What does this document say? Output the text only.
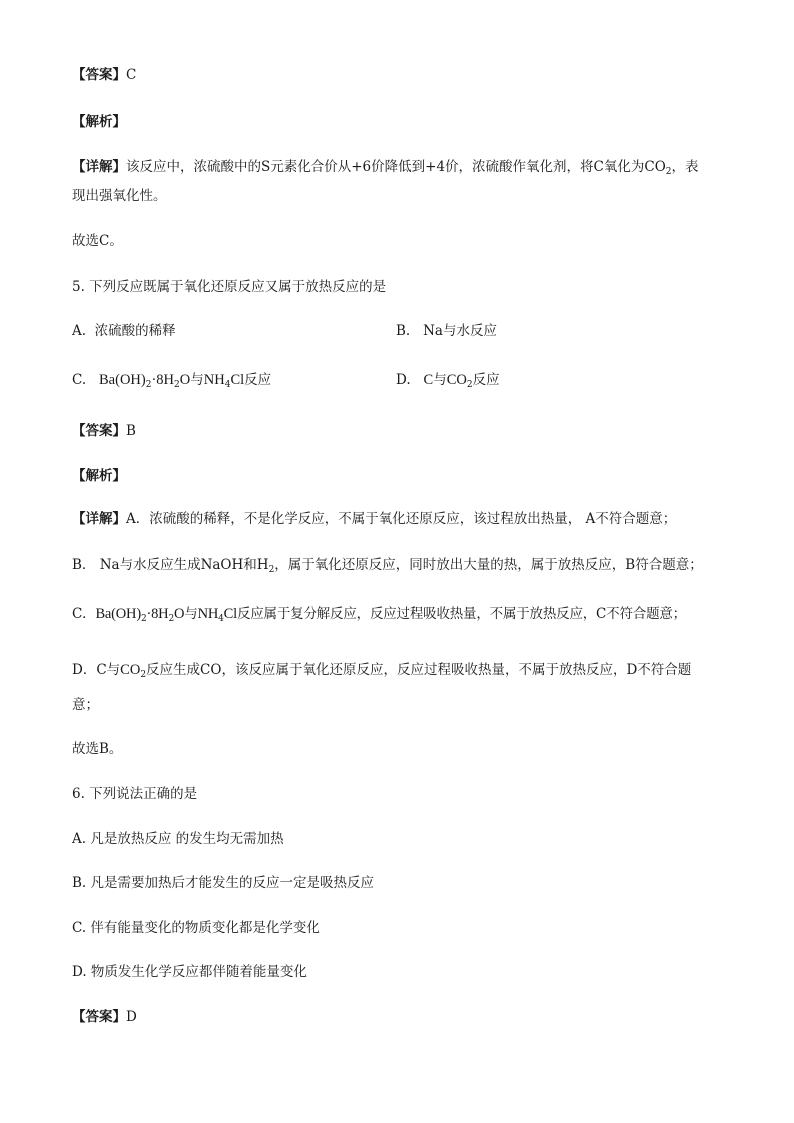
【答案】C
【解析】
【详解】该反应中，浓硫酸中的S元素化合价从+6价降低到+4价，浓硫酸作氧化剂，将C氧化为$CO_2$，表
现出强氧化性。
故选C。
5. 下列反应既属于氧化还原反应又属于放热反应的是
A. 浓硫酸的稀释	B. Na与水反应
C. $Ba(OH)_2\cdot 8H_2O$与$NH_4Cl$反应	D. C与$CO_2$反应
【答案】B
【解析】
【详解】A．浓硫酸的稀释，不是化学反应，不属于氧化还原反应，该过程放出热量， A不符合题意；
B． Na与水反应生成NaOH和$H_2$，属于氧化还原反应，同时放出大量的热，属于放热反应，B符合题意；
C．$Ba(OH)_2\cdot 8H_2O$与$NH_4Cl$反应属于复分解反应，反应过程吸收热量，不属于放热反应，C不符合题意；
D．C与$CO_2$反应生成CO，该反应属于氧化还原反应，反应过程吸收热量，不属于放热反应，D不符合题
意；
故选B。
6. 下列说法正确的是
A. 凡是放热反应 的发生均无需加热
B. 凡是需要加热后才能发生的反应一定是吸热反应
C. 伴有能量变化的物质变化都是化学变化
D. 物质发生化学反应都伴随着能量变化
【答案】D
